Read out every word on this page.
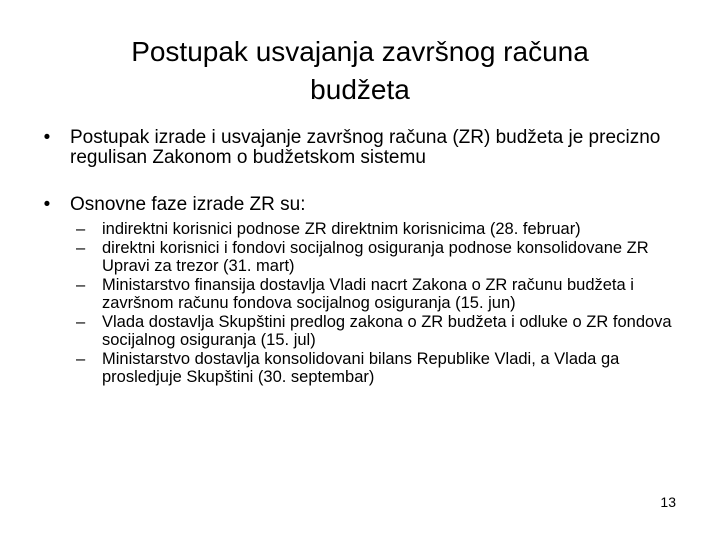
Postupak usvajanja završnog računa
budžeta
• Postupak izrade i usvajanje završnog računa (ZR) budžeta je precizno regulisan Zakonom o budžetskom sistemu
• Osnovne faze izrade ZR su:
– indirektni korisnici podnose ZR direktnim korisnicima (28. februar)
– direktni korisnici i fondovi socijalnog osiguranja podnose konsolidovane ZR Upravi za trezor (31. mart)
– Ministarstvo finansija dostavlja Vladi nacrt Zakona o ZR računu budžeta i završnom računu fondova socijalnog osiguranja (15. jun)
– Vlada dostavlja Skupštini predlog zakona o ZR budžeta i odluke o ZR fondova socijalnog osiguranja (15. jul)
– Ministarstvo dostavlja konsolidovani bilans Republike Vladi, a Vlada ga prosledjuje Skupštini (30. septembar)
13
